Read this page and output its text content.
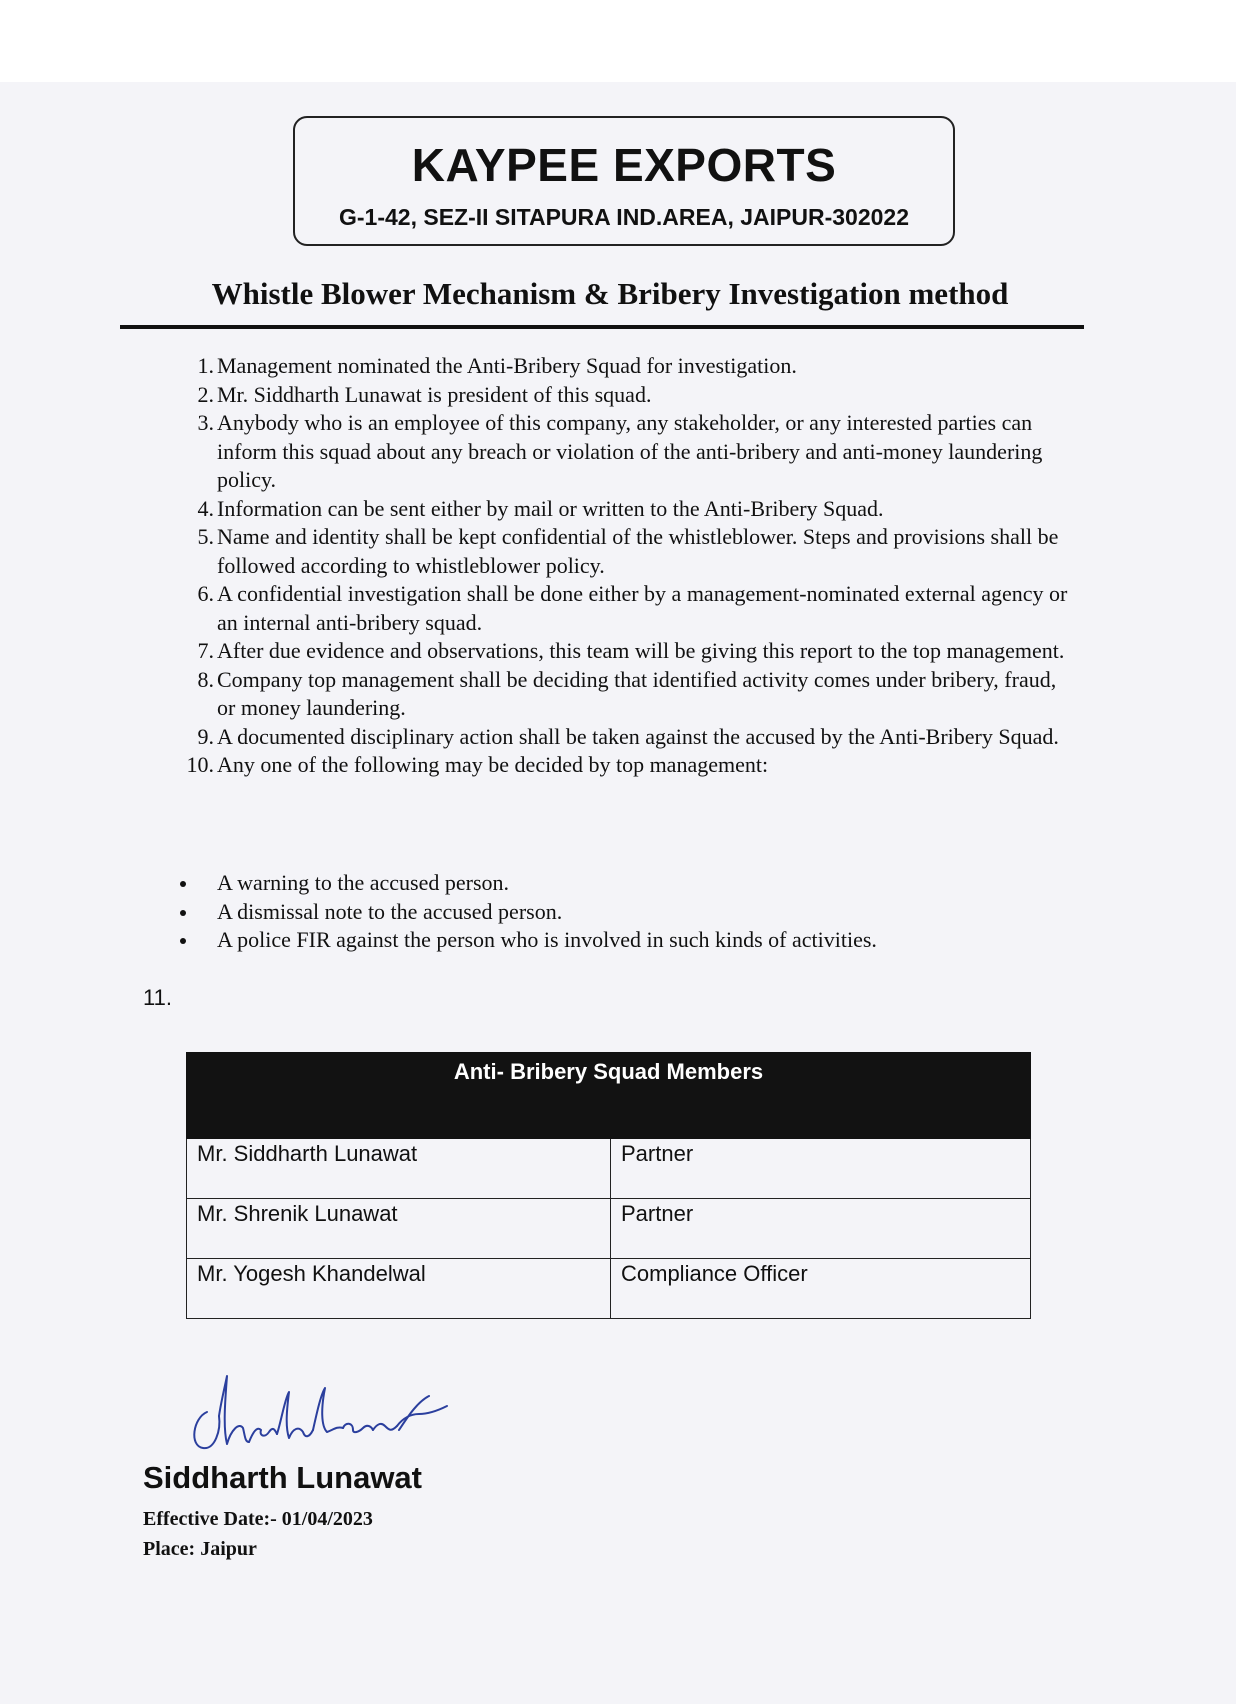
KAYPEE EXPORTS
G-1-42, SEZ-II SITAPURA IND.AREA, JAIPUR-302022
Whistle Blower Mechanism & Bribery Investigation method
1. Management nominated the Anti-Bribery Squad for investigation.
2. Mr. Siddharth Lunawat is president of this squad.
3. Anybody who is an employee of this company, any stakeholder, or any interested parties can inform this squad about any breach or violation of the anti-bribery and anti-money laundering policy.
4. Information can be sent either by mail or written to the Anti-Bribery Squad.
5. Name and identity shall be kept confidential of the whistleblower. Steps and provisions shall be followed according to whistleblower policy.
6. A confidential investigation shall be done either by a management-nominated external agency or an internal anti-bribery squad.
7. After due evidence and observations, this team will be giving this report to the top management.
8. Company top management shall be deciding that identified activity comes under bribery, fraud, or money laundering.
9. A documented disciplinary action shall be taken against the accused by the Anti-Bribery Squad.
10. Any one of the following may be decided by top management:
A warning to the accused person.
A dismissal note to the accused person.
A police FIR against the person who is involved in such kinds of activities.
11.
Anti- Bribery Squad Members	
Mr. Siddharth Lunawat	Partner
Mr. Shrenik Lunawat	Partner
Mr. Yogesh Khandelwal	Compliance Officer
Siddharth Lunawat
Effective Date:- 01/04/2023
Place: Jaipur
